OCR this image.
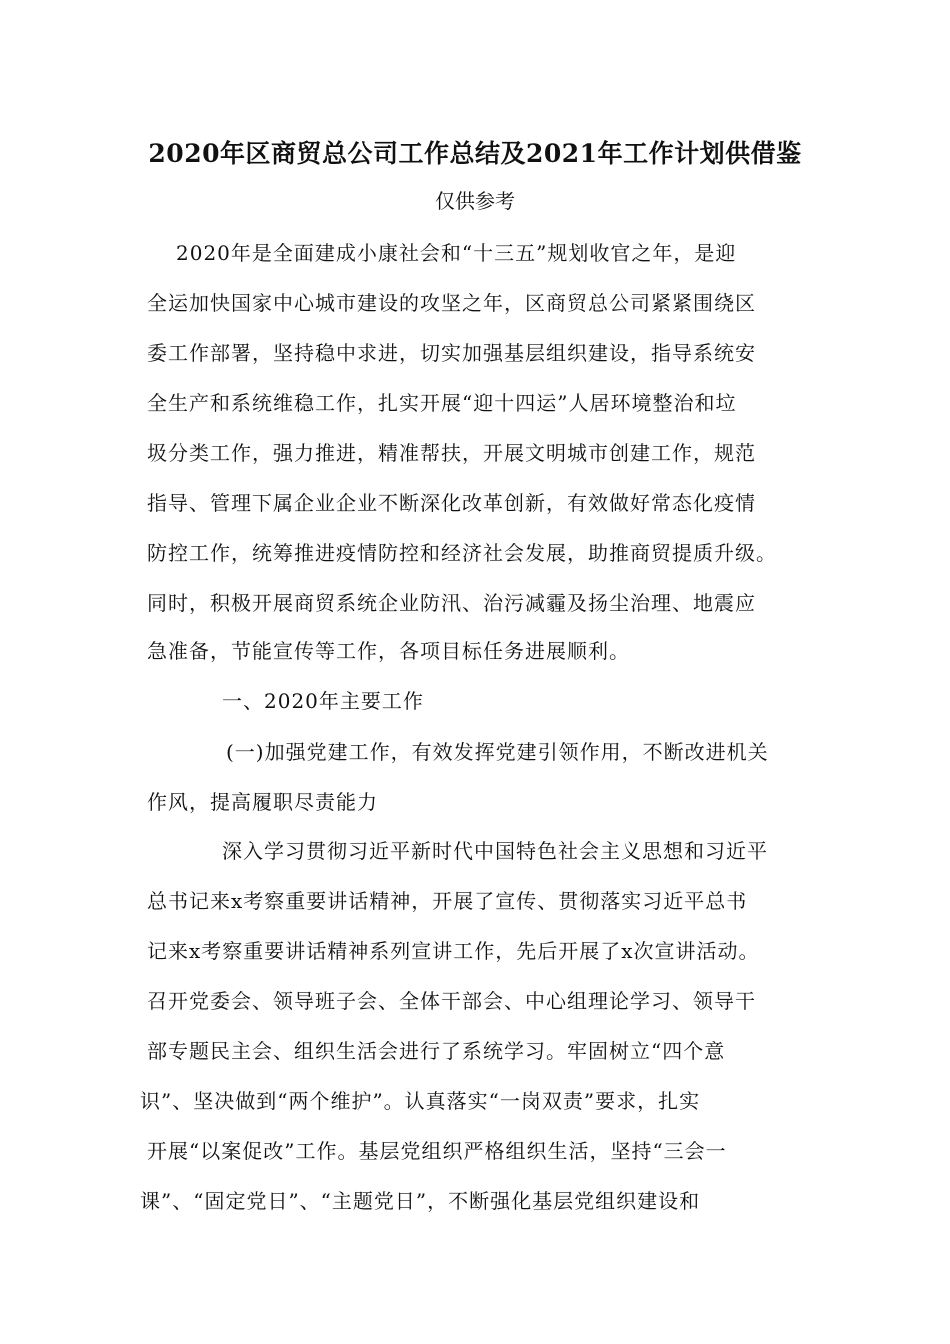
2020年区商贸总公司工作总结及2021年工作计划供借鉴
仅供参考
2020年是全面建成小康社会和“十三五”规划收官之年，是迎
全运加快国家中心城市建设的攻坚之年，区商贸总公司紧紧围绕区
委工作部署，坚持稳中求进，切实加强基层组织建设，指导系统安
全生产和系统维稳工作，扎实开展“迎十四运”人居环境整治和垃
圾分类工作，强力推进，精准帮扶，开展文明城市创建工作，规范
指导、管理下属企业企业不断深化改革创新，有效做好常态化疫情
防控工作，统筹推进疫情防控和经济社会发展，助推商贸提质升级。
同时，积极开展商贸系统企业防汛、治污减霾及扬尘治理、地震应
急准备，节能宣传等工作，各项目标任务进展顺利。
一、2020年主要工作
(一)加强党建工作，有效发挥党建引领作用，不断改进机关
作风，提高履职尽责能力
深入学习贯彻习近平新时代中国特色社会主义思想和习近平
总书记来x考察重要讲话精神，开展了宣传、贯彻落实习近平总书
记来x考察重要讲话精神系列宣讲工作，先后开展了x次宣讲活动。
召开党委会、领导班子会、全体干部会、中心组理论学习、领导干
部专题民主会、组织生活会进行了系统学习。牢固树立“四个意
识”、坚决做到“两个维护”。认真落实“一岗双责”要求，扎实
开展“以案促改”工作。基层党组织严格组织生活，坚持“三会一
课”、“固定党日”、“主题党日”，不断强化基层党组织建设和
